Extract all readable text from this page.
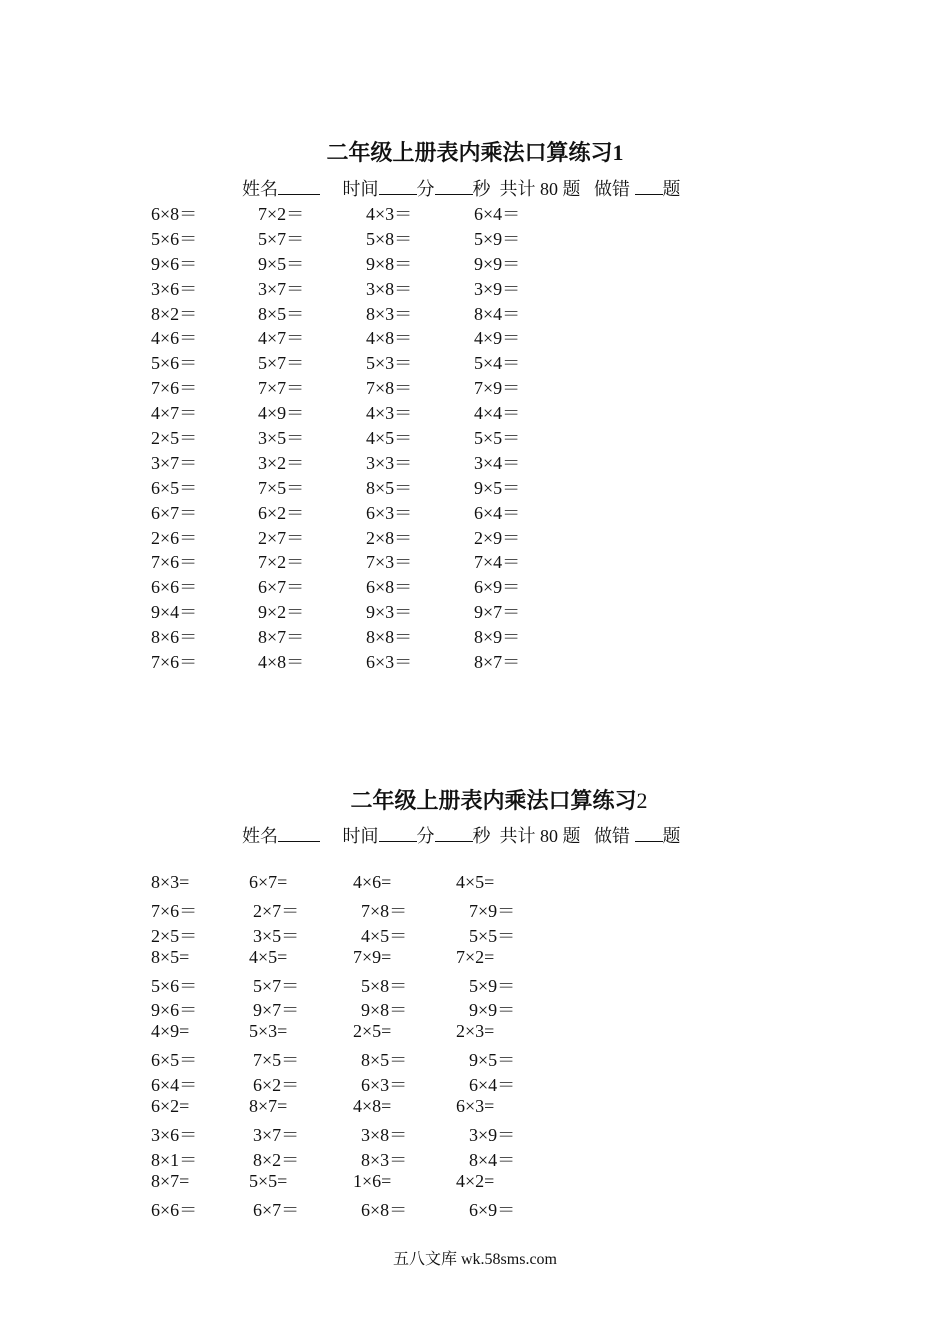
二年级上册表内乘法口算练习1
姓名	时间 分 秒 共计 80 题 做错 题
6×8＝	7×2＝	4×3＝	6×4＝
5×6＝	5×7＝	5×8＝	5×9＝
9×6＝	9×5＝	9×8＝	9×9＝
3×6＝	3×7＝	3×8＝	3×9＝
8×2＝	8×5＝	8×3＝	8×4＝
4×6＝	4×7＝	4×8＝	4×9＝
5×6＝	5×7＝	5×3＝	5×4＝
7×6＝	7×7＝	7×8＝	7×9＝
4×7＝	4×9＝	4×3＝	4×4＝
2×5＝	3×5＝	4×5＝	5×5＝
3×7＝	3×2＝	3×3＝	3×4＝
6×5＝	7×5＝	8×5＝	9×5＝
6×7＝	6×2＝	6×3＝	6×4＝
2×6＝	2×7＝	2×8＝	2×9＝
7×6＝	7×2＝	7×3＝	7×4＝
6×6＝	6×7＝	6×8＝	6×9＝
9×4＝	9×2＝	9×3＝	9×7＝
8×6＝	8×7＝	8×8＝	8×9＝
7×6＝	4×8＝	6×3＝	8×7＝
二年级上册表内乘法口算练习2
姓名	时间 分 秒 共计 80 题 做错 题
8×3=	6×7=	4×6=	4×5=
7×6＝	2×7＝	7×8＝	7×9＝
2×5＝	3×5＝	4×5＝	5×5＝
8×5=	4×5=	7×9=	7×2=
5×6＝	5×7＝	5×8＝	5×9＝
9×6＝	9×7＝	9×8＝	9×9＝
4×9=	5×3=	2×5=	2×3=
6×5＝	7×5＝	8×5＝	9×5＝
6×4＝	6×2＝	6×3＝	6×4＝
6×2=	8×7=	4×8=	6×3=
3×6＝	3×7＝	3×8＝	3×9＝
8×1＝	8×2＝	8×3＝	8×4＝
8×7=	5×5=	1×6=	4×2=
6×6＝	6×7＝	6×8＝	6×9＝
五八文库 wk.58sms.com
